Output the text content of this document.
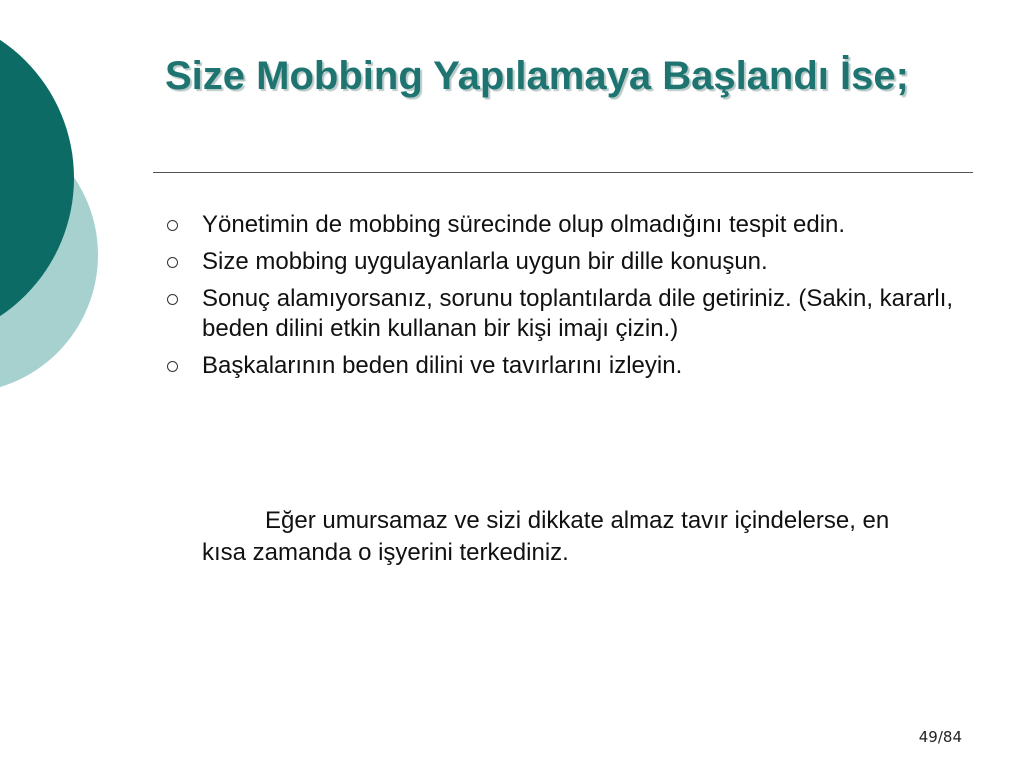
Size Mobbing Yapılamaya Başlandı İse;
Yönetimin de mobbing sürecinde olup olmadığını tespit edin.
Size mobbing uygulayanlarla uygun bir dille konuşun.
Sonuç alamıyorsanız, sorunu toplantılarda dile getiriniz. (Sakin, kararlı, beden dilini etkin kullanan bir kişi imajı çizin.)
Başkalarının beden dilini ve tavırlarını izleyin.

Eğer umursamaz ve sizi dikkate almaz tavır içindelerse, en kısa zamanda o işyerini terkediniz.

49/84
